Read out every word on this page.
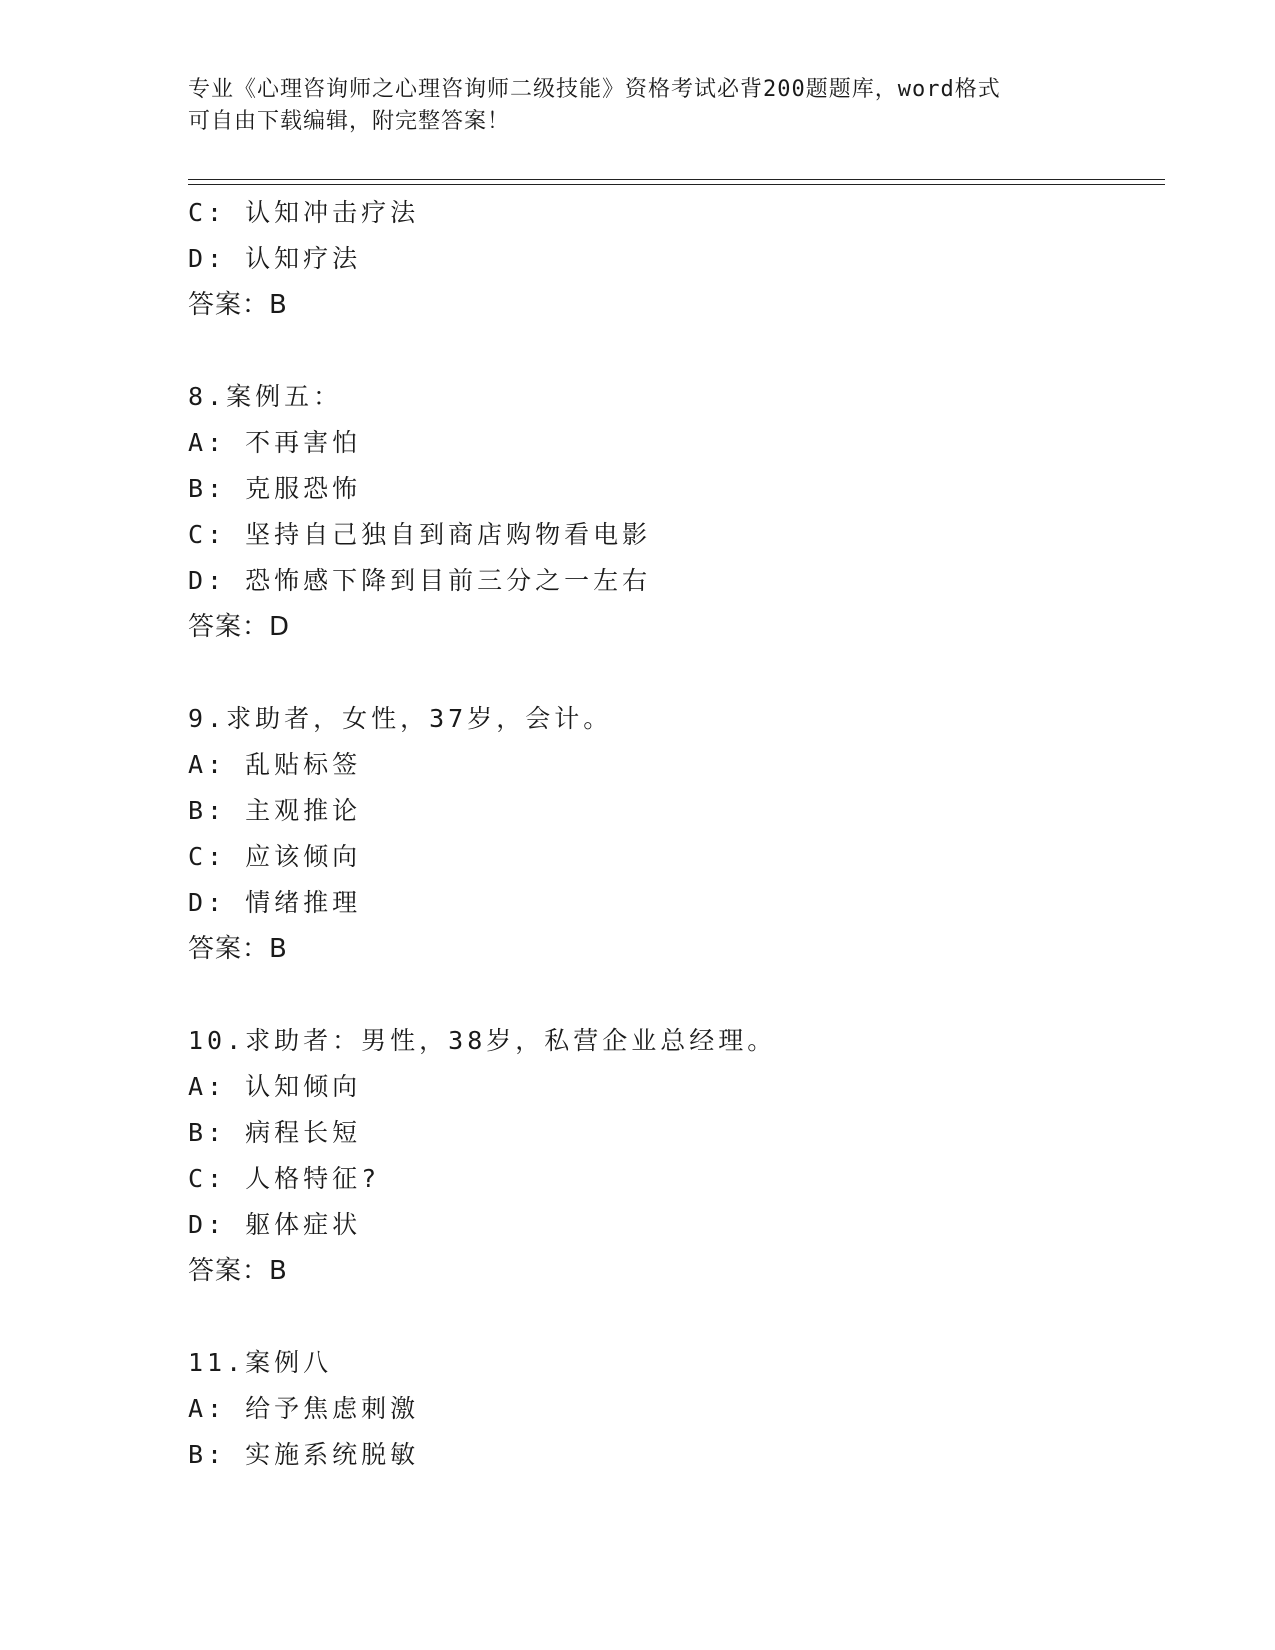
专业《心理咨询师之心理咨询师二级技能》资格考试必背200题题库，word格式
可自由下载编辑，附完整答案！
C: 认知冲击疗法
D: 认知疗法
答案：B
8.案例五：
A: 不再害怕
B: 克服恐怖
C: 坚持自己独自到商店购物看电影
D: 恐怖感下降到目前三分之一左右
答案：D
9.求助者，女性，37岁，会计。
A: 乱贴标签
B: 主观推论
C: 应该倾向
D: 情绪推理
答案：B
10.求助者：男性，38岁，私营企业总经理。
A: 认知倾向
B: 病程长短
C: 人格特征?
D: 躯体症状
答案：B
11.案例八
A: 给予焦虑刺激
B: 实施系统脱敏
